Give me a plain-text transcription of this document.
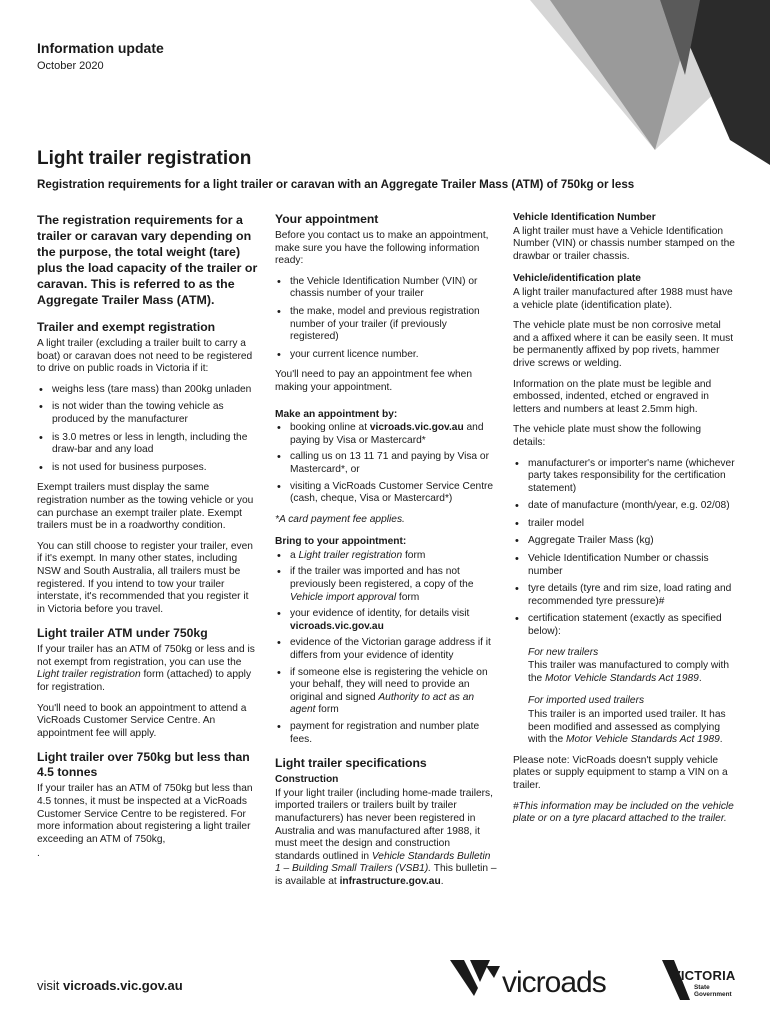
Information update

October 2020

Light trailer registration
Registration requirements for a light trailer or caravan with an Aggregate Trailer Mass (ATM) of 750kg or less

The registration requirements for a trailer or caravan vary depending on the purpose, the total weight (tare) plus the load capacity of the trailer or caravan. This is referred to as the Aggregate Trailer Mass (ATM).

Trailer and exempt registration

A light trailer (excluding a trailer built to carry a boat) or caravan does not need to be registered to drive on public roads in Victoria if it:

• weighs less (tare mass) than 200kg unladen
• is not wider than the towing vehicle as produced by the manufacturer
• is 3.0 metres or less in length, including the draw-bar and any load
• is not used for business purposes.

Exempt trailers must display the same registration number as the towing vehicle or you can purchase an exempt trailer plate. Exempt trailers must be in a roadworthy condition.

You can still choose to register your trailer, even if it's exempt. In many other states, including NSW and South Australia, all trailers must be registered. If you intend to tow your trailer interstate, it's recommended that you register it in Victoria before you travel.

Light trailer ATM under 750kg

If your trailer has an ATM of 750kg or less and is not exempt from registration, you can use the Light trailer registration form (attached) to apply for registration.

You'll need to book an appointment to attend a VicRoads Customer Service Centre. An appointment fee will apply.

Light trailer over 750kg but less than 4.5 tonnes

If your trailer has an ATM of 750kg but less than 4.5 tonnes, it must be inspected at a VicRoads Customer Service Centre to be registered. For more information about registering a light trailer exceeding an ATM of 750kg,

.

Your appointment

Before you contact us to make an appointment, make sure you have the following information ready:

• the Vehicle Identification Number (VIN) or chassis number of your trailer
• the make, model and previous registration number of your trailer (if previously registered)
• your current licence number.

You'll need to pay an appointment fee when making your appointment.

Make an appointment by:
• booking online at vicroads.vic.gov.au and paying by Visa or Mastercard*
• calling us on 13 11 71 and paying by Visa or Mastercard*, or
• visiting a VicRoads Customer Service Centre (cash, cheque, Visa or Mastercard*)

*A card payment fee applies.

Bring to your appointment:
• a Light trailer registration form
• if the trailer was imported and has not previously been registered, a copy of the Vehicle import approval form
• your evidence of identity, for details visit vicroads.vic.gov.au
• evidence of the Victorian garage address if it differs from your evidence of identity
• if someone else is registering the vehicle on your behalf, they will need to provide an original and signed Authority to act as an agent form
• payment for registration and number plate fees.
Light trailer specifications
Construction

If your light trailer (including home-made trailers, imported trailers or trailers built by trailer manufacturers) has never been registered in Australia and was manufactured after 1988, it must meet the design and construction standards outlined in Vehicle Standards Bulletin 1 – Building Small Trailers (VSB1). This bulletin – is available at infrastructure.gov.au.

Vehicle Identification Number

A light trailer must have a Vehicle Identification Number (VIN) or chassis number stamped on the drawbar or trailer chassis.

Vehicle/identification plate

A light trailer manufactured after 1988 must have a vehicle plate (identification plate).

The vehicle plate must be non corrosive metal and a affixed where it can be easily seen. It must be permanently affixed by pop rivets, hammer drive screws or welding.

Information on the plate must be legible and embossed, indented, etched or engraved in letters and numbers at least 2.5mm high.

The vehicle plate must show the following details:

• manufacturer's or importer's name (whichever party takes responsibility for the certification statement)
• date of manufacture (month/year, e.g. 02/08)
• trailer model
• Aggregate Trailer Mass (kg)
• Vehicle Identification Number or chassis number
• tyre details (tyre and rim size, load rating and recommended tyre pressure)#
• certification statement (exactly as specified below):

For new trailers

This trailer was manufactured to comply with the Motor Vehicle Standards Act 1989.

For imported used trailers

This trailer is an imported used trailer. It has been modified and assessed as complying with the Motor Vehicle Standards Act 1989.

Please note: VicRoads doesn't supply vehicle plates or supply equipment to stamp a VIN on a trailer.

#This information may be included on the vehicle plate or on a tyre placard attached to the trailer.

visit vicroads.vic.gov.au	vicroads	VICTORIA
State
Government
